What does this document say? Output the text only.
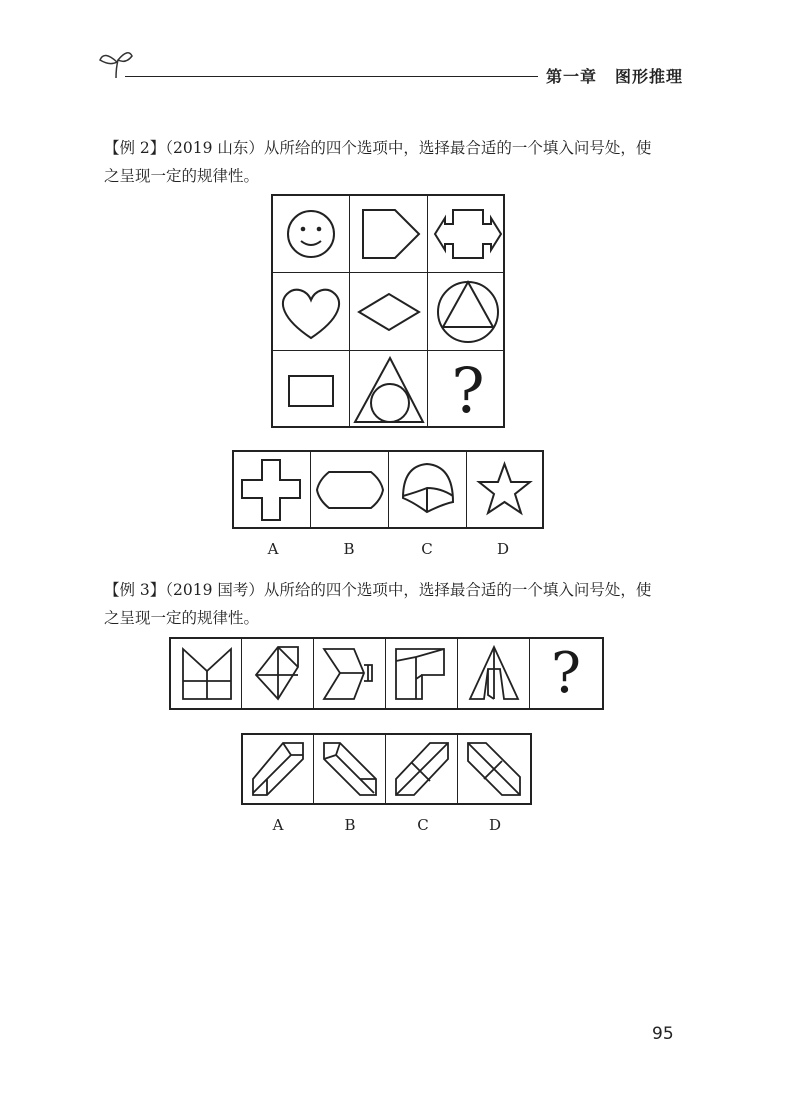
第一章 图形推理
【例 2】（2019 山东）从所给的四个选项中，选择最合适的一个填入问号处，使
之呈现一定的规律性。
?
A	B	C	D
【例 3】（2019 国考）从所给的四个选项中，选择最合适的一个填入问号处，使
之呈现一定的规律性。
?
A	B	C	D
95
